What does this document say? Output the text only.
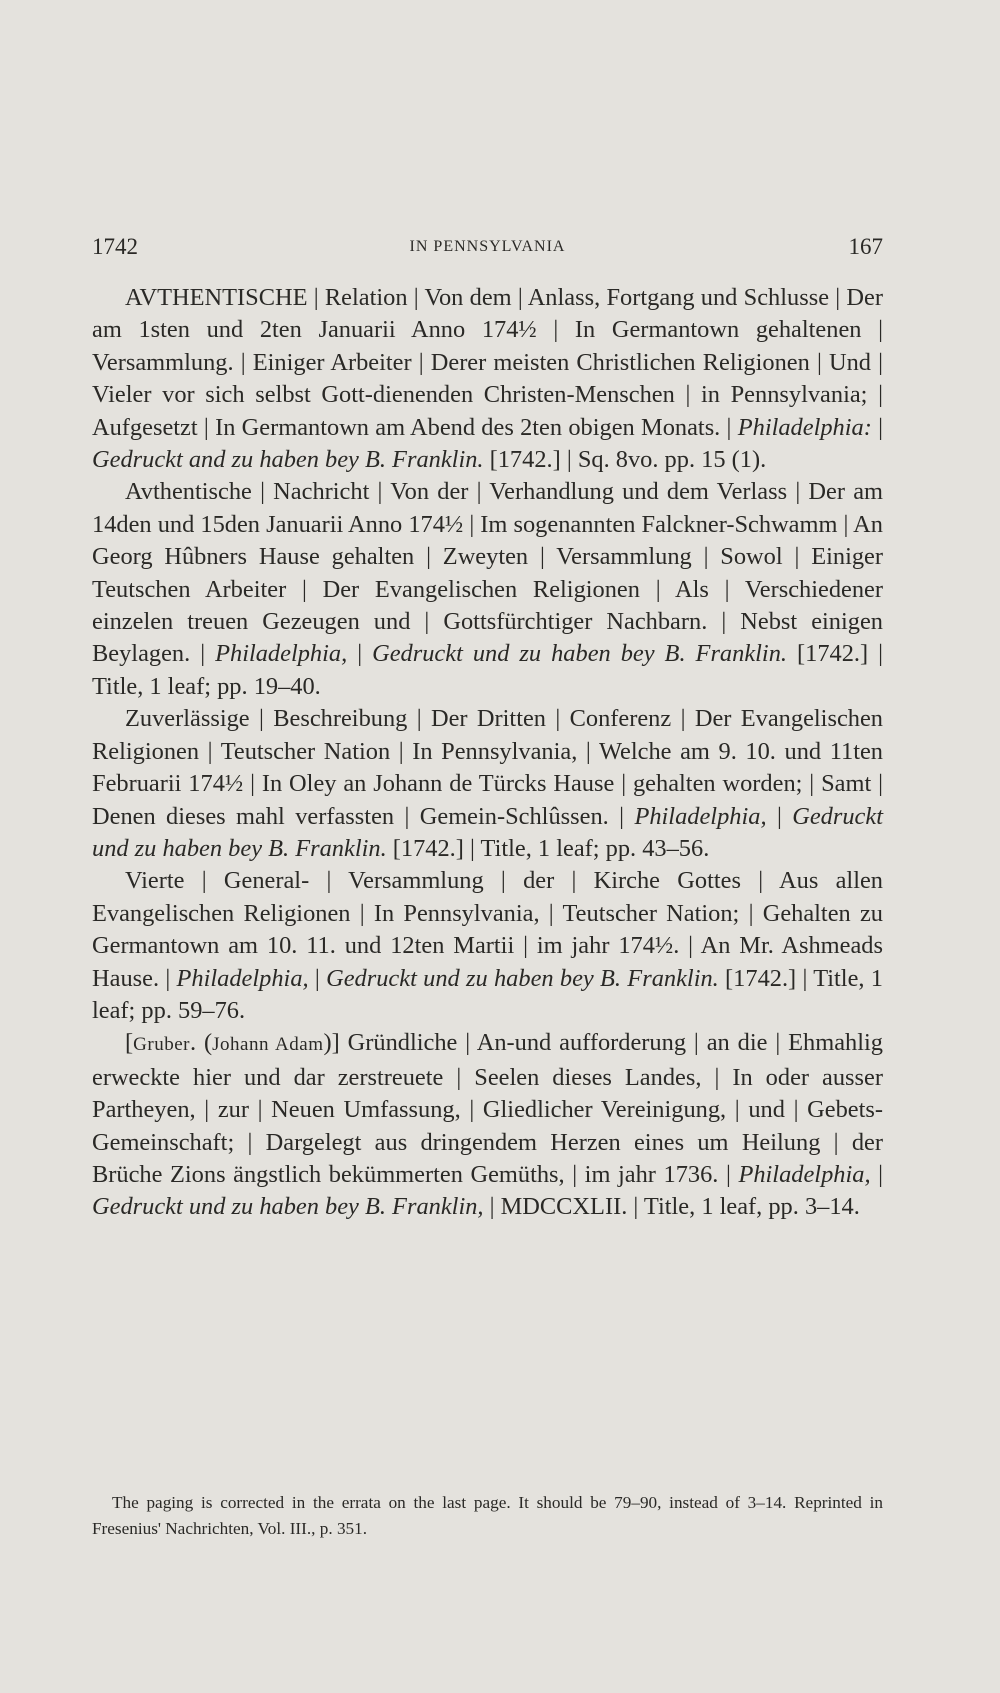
1742	IN PENNSYLVANIA	167

AVTHENTISCHE | Relation | Von dem | Anlass, Fortgang und Schlusse | Der am 1sten und 2ten Januarii Anno 174½ | In Germantown gehaltenen | Versammlung. | Einiger Arbeiter | Derer meisten Christlichen Religionen | Und | Vieler vor sich selbst Gott-dienenden Christen-Menschen | in Pennsylvania; | Aufgesetzt | In Germantown am Abend des 2ten obigen Monats. | Philadelphia: | Gedruckt and zu haben bey B. Franklin. [1742.] | Sq. 8vo. pp. 15 (1).

Avthentische | Nachricht | Von der | Verhandlung und dem Verlass | Der am 14den und 15den Januarii Anno 174½ | Im sogenannten Falckner-Schwamm | An Georg Hûbners Hause gehalten | Zweyten | Versammlung | Sowol | Einiger Teutschen Arbeiter | Der Evangelischen Religionen | Als | Verschiedener einzelen treuen Gezeugen und | Gottsfürchtiger Nachbarn. | Nebst einigen Beylagen. | Philadelphia, | Gedruckt und zu haben bey B. Franklin. [1742.] | Title, 1 leaf; pp. 19–40.

Zuverlässige | Beschreibung | Der Dritten | Conferenz | Der Evangelischen Religionen | Teutscher Nation | In Pennsylvania, | Welche am 9. 10. und 11ten Februarii 174½ | In Oley an Johann de Türcks Hause | gehalten worden; | Samt | Denen dieses mahl verfassten | Gemein-Schlûssen. | Philadelphia, | Gedruckt und zu haben bey B. Franklin. [1742.] | Title, 1 leaf; pp. 43–56.

Vierte | General- | Versammlung | der | Kirche Gottes | Aus allen Evangelischen Religionen | In Pennsylvania, | Teutscher Nation; | Gehalten zu Germantown am 10. 11. und 12ten Martii | im jahr 174½. | An Mr. Ashmeads Hause. | Philadelphia, | Gedruckt und zu haben bey B. Franklin. [1742.] | Title, 1 leaf; pp. 59–76.

[Gruber. (Johann Adam)] Gründliche | An-und aufforderung | an die | Ehmahlig erweckte hier und dar zerstreuete | Seelen dieses Landes, | In oder ausser Partheyen, | zur | Neuen Umfassung, | Gliedlicher Vereinigung, | und | Gebets-Gemeinschaft; | Dargelegt aus dringendem Herzen eines um Heilung | der Brüche Zions ängstlich bekümmerten Gemüths, | im jahr 1736. | Philadelphia, | Gedruckt und zu haben bey B. Franklin, | MDCCXLII. | Title, 1 leaf, pp. 3–14.

The paging is corrected in the errata on the last page. It should be 79–90, instead of 3–14. Reprinted in Fresenius' Nachrichten, Vol. III., p. 351.
